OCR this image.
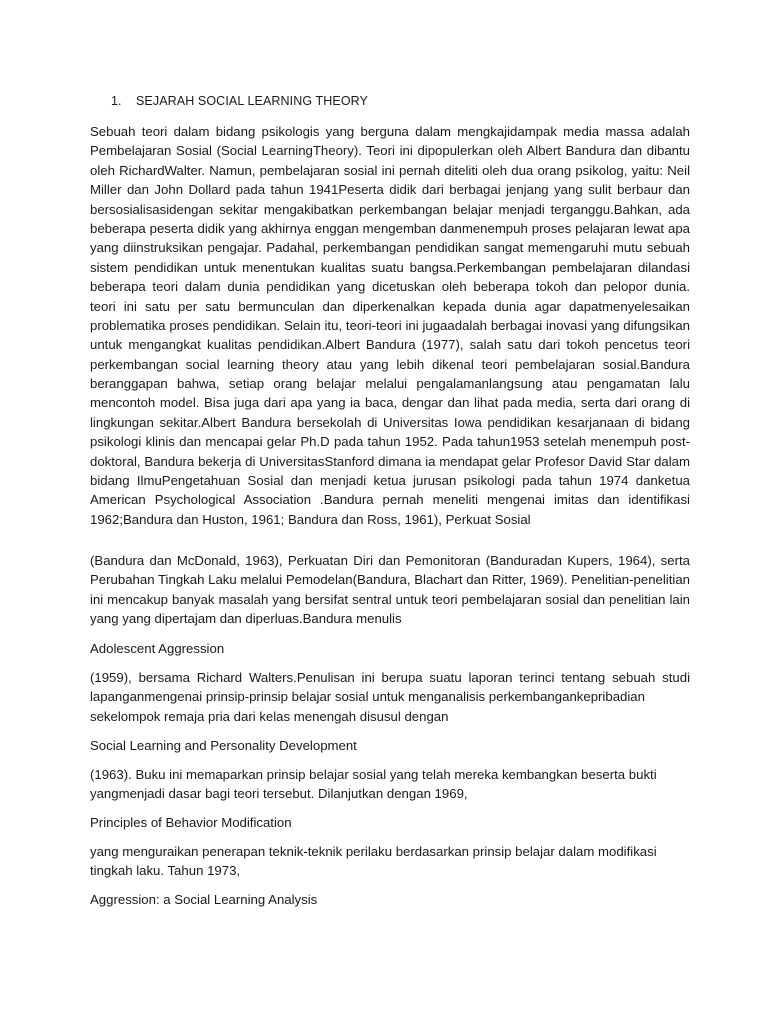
1. SEJARAH SOCIAL LEARNING THEORY
Sebuah teori dalam bidang psikologis yang berguna dalam mengkajidampak media massa adalah
Pembelajaran Sosial (Social LearningTheory). Teori ini dipopulerkan oleh Albert Bandura dan dibantu
oleh RichardWalter. Namun, pembelajaran sosial ini pernah diteliti oleh dua orang psikolog, yaitu: Neil
Miller dan John Dollard pada tahun 1941Peserta didik dari berbagai jenjang yang sulit berbaur dan
bersosialisasidengan sekitar mengakibatkan perkembangan belajar menjadi terganggu.Bahkan, ada
beberapa peserta didik yang akhirnya enggan mengemban danmenempuh proses pelajaran lewat apa
yang diinstruksikan pengajar. Padahal, perkembangan pendidikan sangat memengaruhi mutu sebuah
sistem pendidikan untuk menentukan kualitas suatu bangsa.Perkembangan pembelajaran dilandasi
beberapa teori dalam dunia pendidikan yang dicetuskan oleh beberapa tokoh dan pelopor dunia.
teori ini satu per satu bermunculan dan diperkenalkan kepada dunia agar dapatmenyelesaikan
problematika proses pendidikan. Selain itu, teori-teori ini jugaadalah berbagai inovasi yang difungsikan
untuk mengangkat kualitas pendidikan.Albert Bandura (1977), salah satu dari tokoh pencetus teori
perkembangan social learning theory atau yang lebih dikenal teori pembelajaran sosial.Bandura
beranggapan bahwa, setiap orang belajar melalui pengalamanlangsung atau pengamatan lalu
mencontoh model. Bisa juga dari apa yang ia baca, dengar dan lihat pada media, serta dari orang di
lingkungan sekitar.Albert Bandura bersekolah di Universitas Iowa pendidikan kesarjanaan di bidang
psikologi klinis dan mencapai gelar Ph.D pada tahun 1952. Pada tahun1953 setelah menempuh post-
doktoral, Bandura bekerja di UniversitasStanford dimana ia mendapat gelar Profesor David Star dalam
bidang IlmuPengetahuan Sosial dan menjadi ketua jurusan psikologi pada tahun 1974 danketua
American Psychological Association .Bandura pernah meneliti mengenai imitas dan identifikasi
1962;Bandura dan Huston, 1961; Bandura dan Ross, 1961), Perkuat Sosial
(Bandura dan McDonald, 1963), Perkuatan Diri dan Pemonitoran (Banduradan Kupers, 1964), serta
Perubahan Tingkah Laku melalui Pemodelan(Bandura, Blachart dan Ritter, 1969). Penelitian-penelitian
ini mencakup banyak masalah yang bersifat sentral untuk teori pembelajaran sosial dan penelitian lain
yang yang dipertajam dan diperluas.Bandura menulis
Adolescent Aggression
(1959), bersama Richard Walters.Penulisan ini berupa suatu laporan terinci tentang sebuah studi
lapanganmengenai prinsip-prinsip belajar sosial untuk menganalisis perkembangankepribadian
sekelompok remaja pria dari kelas menengah disusul dengan
Social Learning and Personality Development
(1963). Buku ini memaparkan prinsip belajar sosial yang telah mereka kembangkan beserta bukti
yangmenjadi dasar bagi teori tersebut. Dilanjutkan dengan 1969,
Principles of Behavior Modification
yang menguraikan penerapan teknik-teknik perilaku berdasarkan prinsip belajar dalam modifikasi
tingkah laku. Tahun 1973,
Aggression: a Social Learning Analysis
